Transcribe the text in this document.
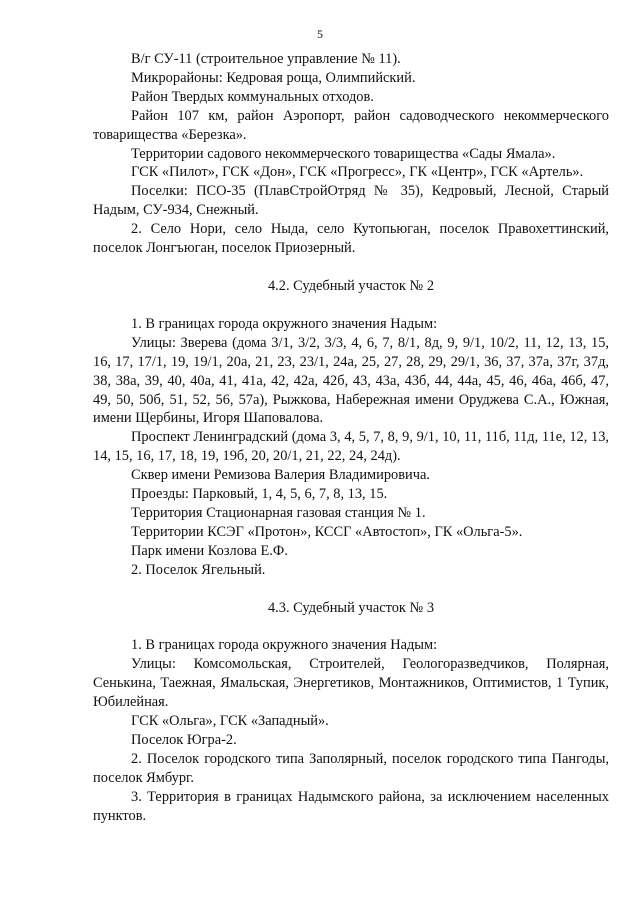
5

В/г СУ-11 (строительное управление № 11).

Микрорайоны: Кедровая роща, Олимпийский.

Район Твердых коммунальных отходов.

Район 107 км, район Аэропорт, район садоводческого некоммерческого товарищества «Березка».

Территории садового некоммерческого товарищества «Сады Ямала».

ГСК «Пилот», ГСК «Дон», ГСК «Прогресс», ГК «Центр», ГСК «Артель».

Поселки: ПСО-35 (ПлавСтройОтряд № 35), Кедровый, Лесной, Старый Надым, СУ-934, Снежный.

2. Село Нори, село Ныда, село Кутопьюган, поселок Правохеттинский, поселок Лонгъюган, поселок Приозерный.

4.2. Судебный участок № 2

1. В границах города окружного значения Надым:

Улицы: Зверева (дома 3/1, 3/2, 3/3, 4, 6, 7, 8/1, 8д, 9, 9/1, 10/2, 11, 12, 13, 15, 16, 17, 17/1, 19, 19/1, 20а, 21, 23, 23/1, 24а, 25, 27, 28, 29, 29/1, 36, 37, 37а, 37г, 37д, 38, 38а, 39, 40, 40а, 41, 41а, 42, 42а, 42б, 43, 43а, 43б, 44, 44а, 45, 46, 46а, 46б, 47, 49, 50, 50б, 51, 52, 56, 57а), Рыжкова, Набережная имени Оруджева С.А., Южная, имени Щербины, Игоря Шаповалова.

Проспект Ленинградский (дома 3, 4, 5, 7, 8, 9, 9/1, 10, 11, 11б, 11д, 11е, 12, 13, 14, 15, 16, 17, 18, 19, 19б, 20, 20/1, 21, 22, 24, 24д).

Сквер имени Ремизова Валерия Владимировича.

Проезды: Парковый, 1, 4, 5, 6, 7, 8, 13, 15.

Территория Стационарная газовая станция № 1.

Территории КСЭГ «Протон», КССГ «Автостоп», ГК «Ольга-5».

Парк имени Козлова Е.Ф.

2. Поселок Ягельный.

4.3. Судебный участок № 3

1. В границах города окружного значения Надым:

Улицы: Комсомольская, Строителей, Геологоразведчиков, Полярная, Сенькина, Таежная, Ямальская, Энергетиков, Монтажников, Оптимистов, 1 Тупик, Юбилейная.

ГСК «Ольга», ГСК «Западный».

Поселок Югра-2.

2. Поселок городского типа Заполярный, поселок городского типа Пангоды, поселок Ямбург.

3. Территория в границах Надымского района, за исключением населенных пунктов.
